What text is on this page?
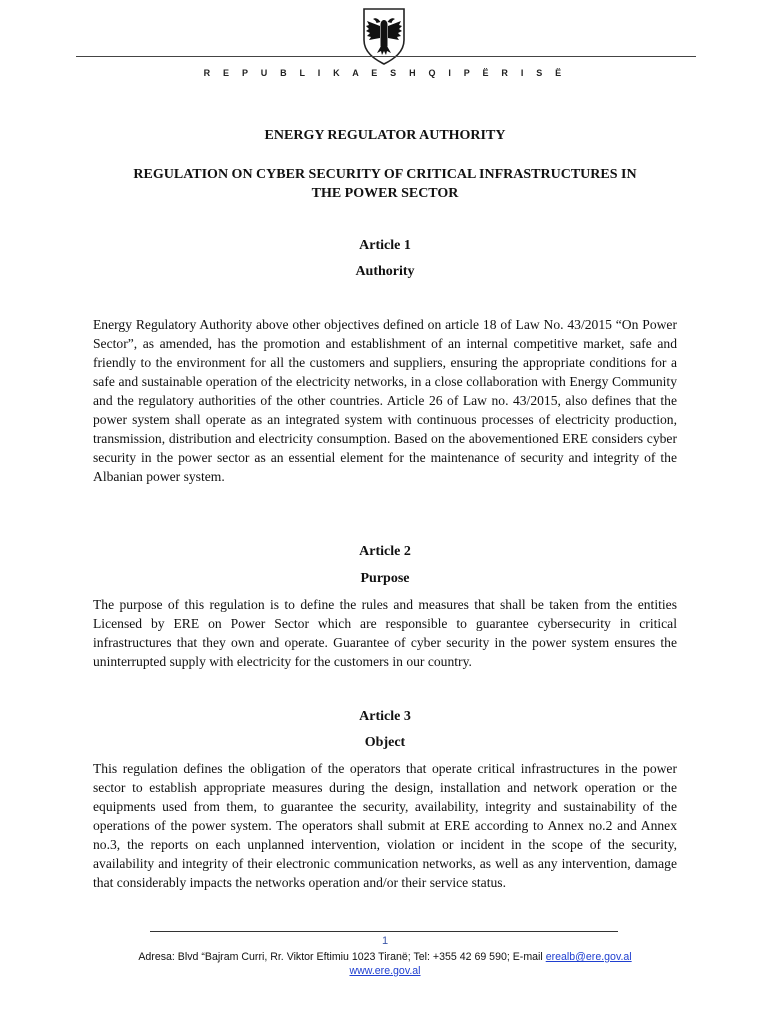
R E P U B L I K A E S H Q I P Ë R I S Ë
ENERGY REGULATOR AUTHORITY
REGULATION ON CYBER SECURITY OF CRITICAL INFRASTRUCTURES IN
THE POWER SECTOR
Article 1
Authority
Energy Regulatory Authority above other objectives defined on article 18 of Law No. 43/2015 “On Power Sector”, as amended, has the promotion and establishment of an internal competitive market, safe and friendly to the environment for all the customers and suppliers, ensuring the appropriate conditions for a safe and sustainable operation of the electricity networks, in a close collaboration with Energy Community and the regulatory authorities of the other countries. Article 26 of Law no. 43/2015, also defines that the power system shall operate as an integrated system with continuous processes of electricity production, transmission, distribution and electricity consumption. Based on the abovementioned ERE considers cyber security in the power sector as an essential element for the maintenance of security and integrity of the Albanian power system.
Article 2
Purpose
The purpose of this regulation is to define the rules and measures that shall be taken from the entities Licensed by ERE on Power Sector which are responsible to guarantee cybersecurity in critical infrastructures that they own and operate. Guarantee of cyber security in the power system ensures the uninterrupted supply with electricity for the customers in our country.
Article 3
Object
This regulation defines the obligation of the operators that operate critical infrastructures in the power sector to establish appropriate measures during the design, installation and network operation or the equipments used from them, to guarantee the security, availability, integrity and sustainability of the operations of the power system. The operators shall submit at ERE according to Annex no.2 and Annex no.3, the reports on each unplanned intervention, violation or incident in the scope of the security, availability and integrity of their electronic communication networks, as well as any intervention, damage that considerably impacts the networks operation and/or their service status.
1
Adresa: Blvd “Bajram Curri, Rr. Viktor Eftimiu 1023 Tiranë; Tel: +355 42 69 590; E-mail erealb@ere.gov.al
www.ere.gov.al
